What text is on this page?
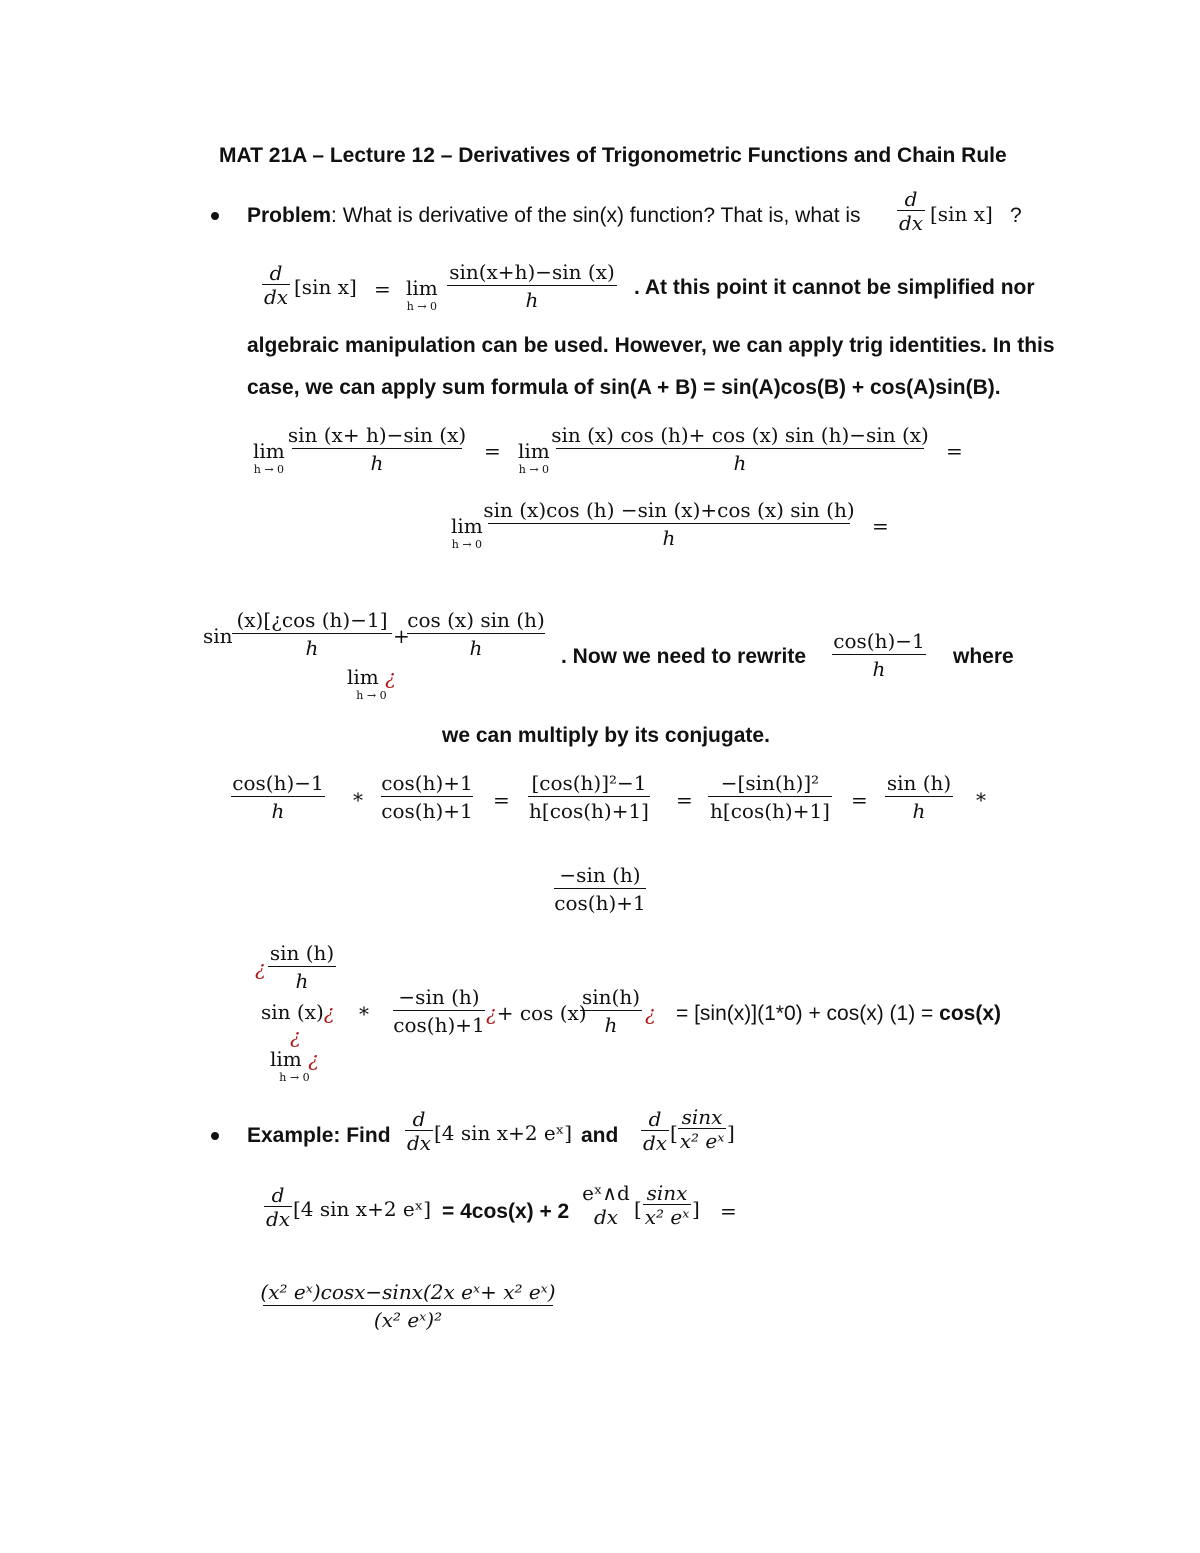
MAT 21A – Lecture 12 – Derivatives of Trigonometric Functions and Chain Rule
Problem: What is derivative of the sin(x) function? That is, what is
d
dx [sin x] ?
d
dx [sin x] = lim
h → 0
sin(x+h)−sin (x)
h
. At this point it cannot be simplified nor
algebraic manipulation can be used. However, we can apply trig identities. In this
case, we can apply sum formula of sin(A + B) = sin(A)cos(B) + cos(A)sin(B).
lim
h → 0
sin (x+ h)−sin (x)
h	= lim
h → 0
sin (x) cos (h)+ cos (x) sin (h)−sin (x)
h	=
lim
h → 0
sin (x)cos (h) −sin (x)+cos (x) sin (h)
h	=
sin
(x)[¿cos (h)−1]
h	+
cos (x) sin (h)
h
lim ¿
h → 0
. Now we need to rewrite
cos(h)−1
h
where
we can multiply by its conjugate.
cos(h)−1
h	*
cos(h)+1
cos(h)+1 =
[cos(h)]²−1
h[cos(h)+1] =
−[sin(h)]²
h[cos(h)+1] =
sin (h)
h	*
−sin (h)
cos(h)+1
¿
sin (h)
h
sin (x)¿
¿
lim ¿
h → 0
*
−sin (h)
cos(h)+1 ¿+ cos (x)
sin(h)
h ¿ = [sin(x)](1*0) + cos(x) (1) = cos(x)
Example: Find
d
dx [4 sin x+2 eˣ] and
d
dx [
sinx
x² eˣ ]
d
dx [4 sin x+2 eˣ] = 4cos(x) + 2
eˣ∧d
dx [
sinx
x² eˣ ] =
(x² eˣ)cosx−sinx(2x eˣ+ x² eˣ)
(x² eˣ)²
